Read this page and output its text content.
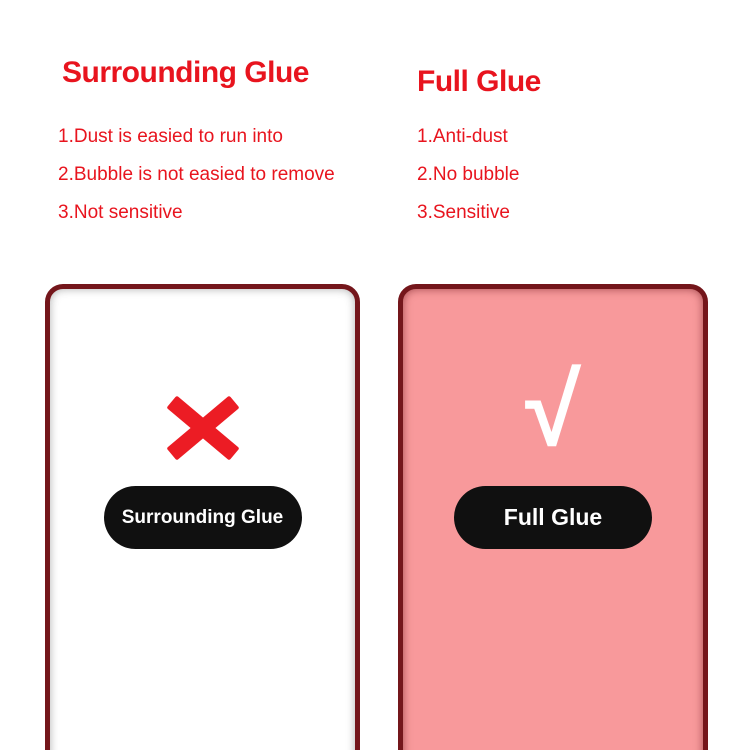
Surrounding Glue
1.Dust is easied to run into
2.Bubble is not easied to remove
3.Not sensitive
Full Glue
1.Anti-dust
2.No bubble
3.Sensitive
Surrounding Glue
√
Full Glue
